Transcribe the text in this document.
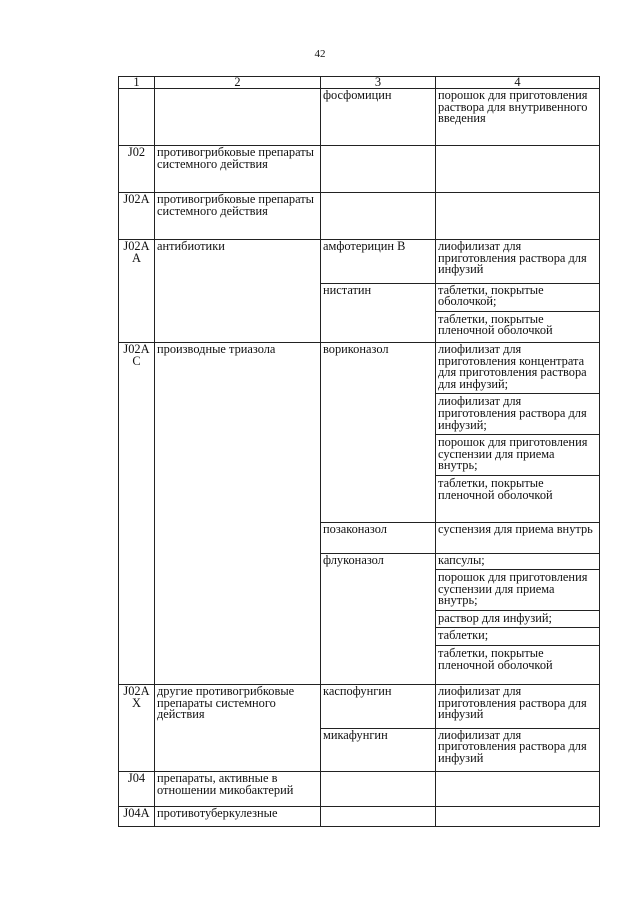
42
1	2	3	4
		фосфомицин	порошок для приготовления раствора для внутривенного введения

J02	противогрибковые препараты системного действия		
J02A	противогрибковые препараты системного действия		
J02A A	антибиотики	амфотерицин В	лиофилизат для приготовления раствора для инфузий

		нистатин	таблетки, покрытые оболочкой;
таблетки, покрытые пленочной оболочкой

J02A C	производные триазола	вориконазол	лиофилизат для приготовления концентрата для приготовления раствора для инфузий;
лиофилизат для приготовления раствора для инфузий;
порошок для приготовления суспензии для приема внутрь;
таблетки, покрытые пленочной оболочкой

		позаконазол	суспензия для приема внутрь

		флуконазол	капсулы;
порошок для приготовления суспензии для приема внутрь;
раствор для инфузий;
таблетки;
таблетки, покрытые пленочной оболочкой

J02A X	другие противогрибковые препараты системного действия	каспофунгин	лиофилизат для приготовления раствора для инфузий

		микафунгин	лиофилизат для приготовления раствора для инфузий

J04	препараты, активные в отношении микобактерий		
J04A	противотуберкулезные		
